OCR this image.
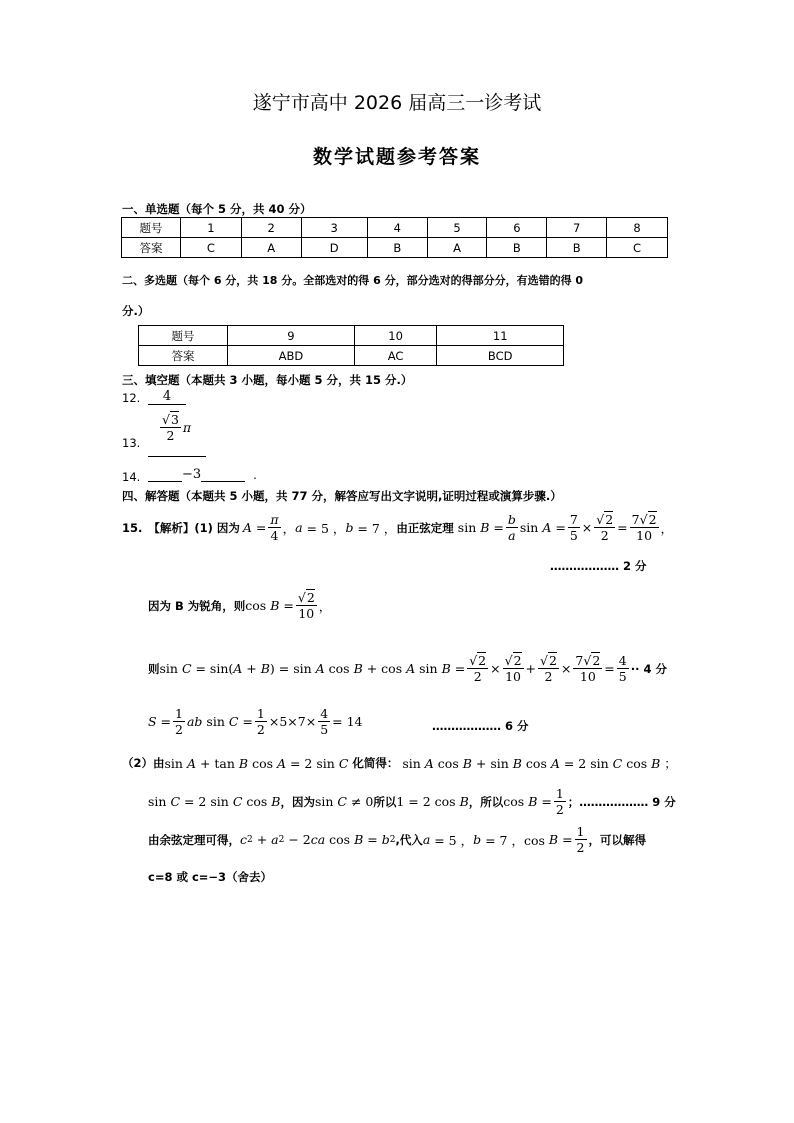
遂宁市高中 2026 届高三一诊考试
数学试题参考答案
一、单选题（每个 5 分，共 40 分）
题号	1	2	3	4	5	6	7	8
答案	C	A	D	B	A	B	B	C
二、多选题（每个 6 分，共 18 分。全部选对的得 6 分，部分选对的得部分分，有选错的得 0
分.）
题号	9	10	11
答案	ABD	AC	BCD
三、填空题（本题共 3 小题，每小题 5 分，共 15 分.）
12.	4
13. $\frac{√3}{2}$ π
14.	−3	.
四、解答题（本题共 5 小题，共 77 分，解答应写出文字说明,证明过程或演算步骤.）
15. 【解析】(1) 因为 $A = \frac{\pi}{4}$ ， a = 5 ， b = 7 ， 由正弦定理 $\sin B = \frac{b}{a}$ $\sin A = \frac{7}{5} \times \frac{√2}{2} = \frac{7√2}{10}$ ，
……………… 2 分
因为 B 为锐角，则 $\cos B = \frac{√2}{10}$ ，
则 sin C = sin( A + B ) = sin A cos B + cos A $\sin B = \frac{√2}{2} \times \frac{√2}{10} + \frac{√2}{2} \times \frac{7√2}{10} = \frac{4}{5} \cdot\cdot 4$ 分
$S = \frac{1}{2}$ ab $\sin C = \frac{1}{2} \times 5\times 7\times \frac{4}{5} = 14$	……………… 6 分
（2）由 sin A + tan B cos A = 2 sin C
化简得： sin A cos B + sin B cos A = 2 sin C cos B ；
sin C = 2 sin C cos B ，因为 sin C ≠ 0 所以 1 = 2 cos B ，所以 $\cos B = \frac{1}{2}$ ；……………… 9 分
由余弦定理可得， c 2 + a 2 − 2 ca cos B = b 2 ,代入 a = 5 ， b = 7 ，$\cos B = \frac{1}{2}$ ，可以解得
c=8 或 c=−3（舍去）
